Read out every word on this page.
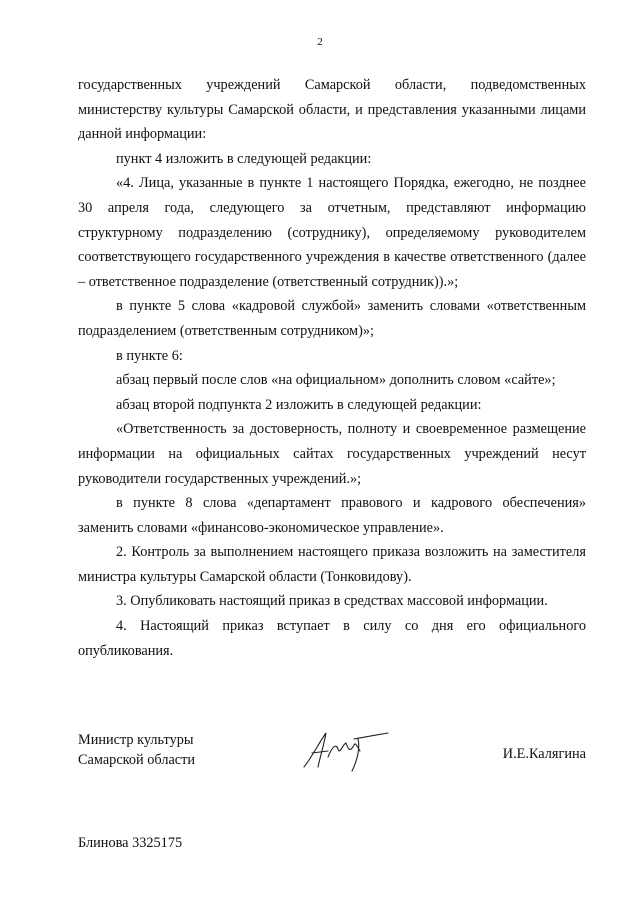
2

государственных учреждений Самарской области, подведомственных министерству культуры Самарской области, и представления указанными лицами данной информации:

пункт 4 изложить в следующей редакции:

«4. Лица, указанные в пункте 1 настоящего Порядка, ежегодно, не позднее 30 апреля года, следующего за отчетным, представляют информацию структурному подразделению (сотруднику), определяемому руководителем соответствующего государственного учреждения в качестве ответственного (далее – ответственное подразделение (ответственный сотрудник)).»;

в пункте 5 слова «кадровой службой» заменить словами «ответственным подразделением (ответственным сотрудником)»;

в пункте 6:

абзац первый после слов «на официальном» дополнить словом «сайте»;

абзац второй подпункта 2 изложить в следующей редакции:

«Ответственность за достоверность, полноту и своевременное размещение информации на официальных сайтах государственных учреждений несут руководители государственных учреждений.»;

в пункте 8 слова «департамент правового и кадрового обеспечения» заменить словами «финансово-экономическое управление».

2. Контроль за выполнением настоящего приказа возложить на заместителя министра культуры Самарской области (Тонковидову).

3. Опубликовать настоящий приказ в средствах массовой информации.

4. Настоящий приказ вступает в силу со дня его официального опубликования.

Министр культуры
Самарской области	И.Е.Калягина
Блинова 3325175
